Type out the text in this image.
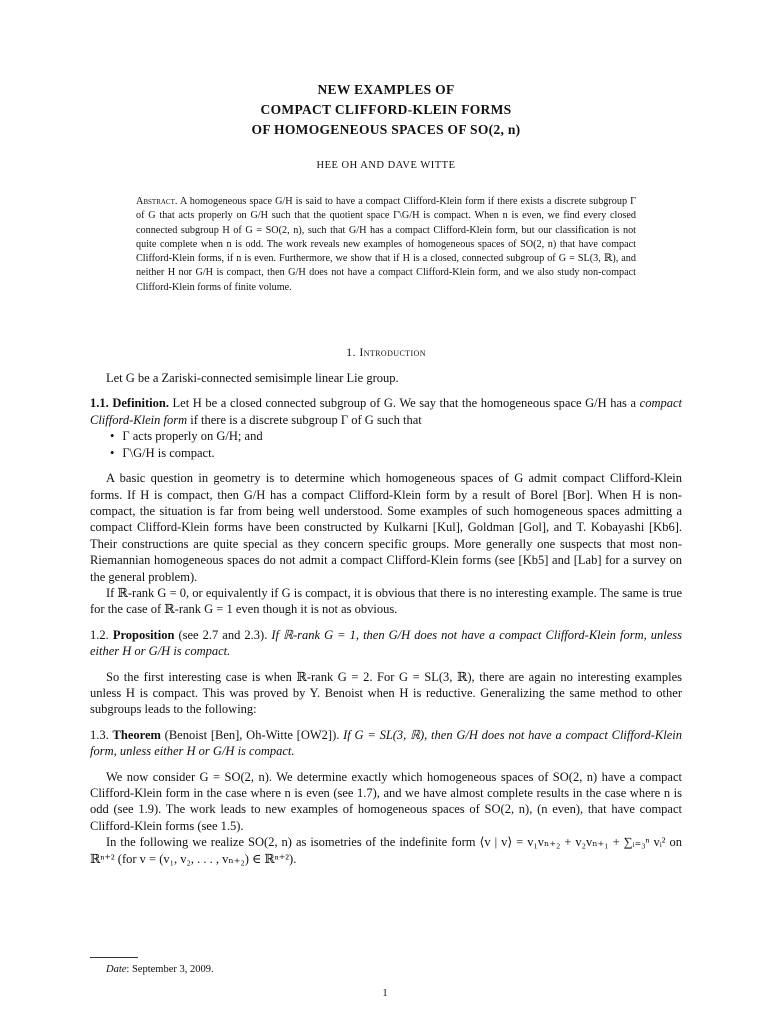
NEW EXAMPLES OF
COMPACT CLIFFORD-KLEIN FORMS
OF HOMOGENEOUS SPACES OF SO(2, n)
HEE OH AND DAVE WITTE
Abstract. A homogeneous space G/H is said to have a compact Clifford-Klein form if there exists a discrete subgroup Γ of G that acts properly on G/H such that the quotient space Γ\G/H is compact. When n is even, we find every closed connected subgroup H of G = SO(2, n), such that G/H has a compact Clifford-Klein form, but our classification is not quite complete when n is odd. The work reveals new examples of homogeneous spaces of SO(2, n) that have compact Clifford-Klein forms, if n is even. Furthermore, we show that if H is a closed, connected subgroup of G = SL(3, ℝ), and neither H nor G/H is compact, then G/H does not have a compact Clifford-Klein form, and we also study non-compact Clifford-Klein forms of finite volume.
1. Introduction

Let G be a Zariski-connected semisimple linear Lie group.

1.1. Definition. Let H be a closed connected subgroup of G. We say that the homogeneous space G/H has a compact Clifford-Klein form if there is a discrete subgroup Γ of G such that

• Γ acts properly on G/H; and
• Γ\G/H is compact.

A basic question in geometry is to determine which homogeneous spaces of G admit compact Clifford-Klein forms. If H is compact, then G/H has a compact Clifford-Klein form by a result of Borel [Bor]. When H is non-compact, the situation is far from being well understood. Some examples of such homogeneous spaces admitting a compact Clifford-Klein forms have been constructed by Kulkarni [Kul], Goldman [Gol], and T. Kobayashi [Kb6]. Their constructions are quite special as they concern specific groups. More generally one suspects that most non-Riemannian homogeneous spaces do not admit a compact Clifford-Klein forms (see [Kb5] and [Lab] for a survey on the general problem).

If ℝ-rank G = 0, or equivalently if G is compact, it is obvious that there is no interesting example. The same is true for the case of ℝ-rank G = 1 even though it is not as obvious.

1.2. Proposition (see 2.7 and 2.3). If ℝ-rank G = 1, then G/H does not have a compact Clifford-Klein form, unless either H or G/H is compact.

So the first interesting case is when ℝ-rank G = 2. For G = SL(3, ℝ), there are again no interesting examples unless H is compact. This was proved by Y. Benoist when H is reductive. Generalizing the same method to other subgroups leads to the following:

1.3. Theorem (Benoist [Ben], Oh-Witte [OW2]). If G = SL(3, ℝ), then G/H does not have a compact Clifford-Klein form, unless either H or G/H is compact.

We now consider G = SO(2, n). We determine exactly which homogeneous spaces of SO(2, n) have a compact Clifford-Klein form in the case where n is even (see 1.7), and we have almost complete results in the case where n is odd (see 1.9). The work leads to new examples of homogeneous spaces of SO(2, n), (n even), that have compact Clifford-Klein forms (see 1.5).

In the following we realize SO(2, n) as isometries of the indefinite form ⟨v | v⟩ = v₁vₙ₊₂ + v₂vₙ₊₁ + ∑ᵢ₌₃ⁿ vᵢ² on ℝⁿ⁺² (for v = (v₁, v₂, . . . , vₙ₊₂) ∈ ℝⁿ⁺²).

Date: September 3, 2009.
1
